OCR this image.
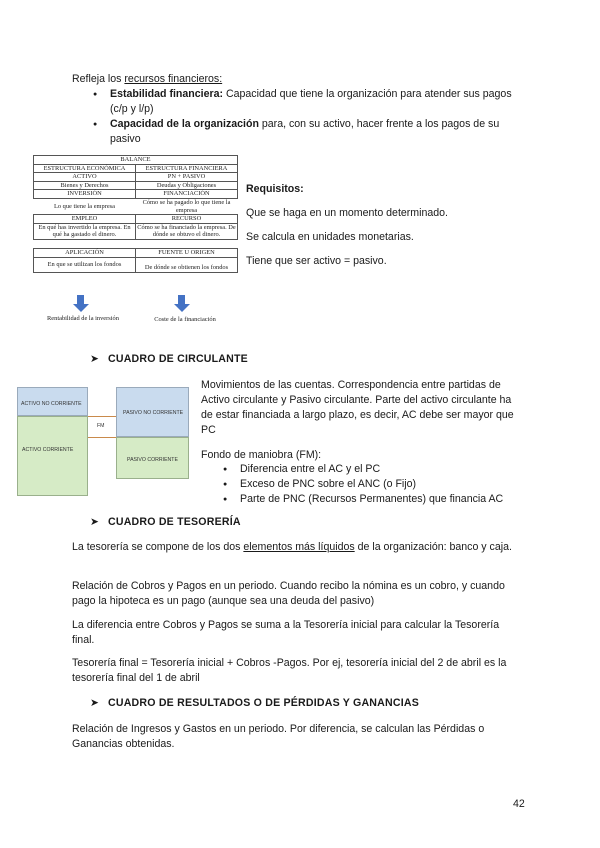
Refleja los recursos financieros:
● Estabilidad financiera: Capacidad que tiene la organización para atender sus pagos (c/p y l/p)
● Capacidad de la organización para, con su activo, hacer frente a los pagos de su pasivo
BALANCE	
ESTRUCTURA ECONÓMICA	ESTRUCTURA FINANCIERA
ACTIVO	PN + PASIVO
Bienes y Derechos	Deudas y Obligaciones
INVERSIÓN	FINANCIACIÓN
Lo que tiene la empresa	Cómo se ha pagado lo que tiene la empresa
EMPLEO	RECURSO
En qué has invertido la empresa. En qué ha gastado el dinero.	Cómo se ha financiado la empresa. De dónde se obtuvo el dinero.

APLICACIÓN	FUENTE U ORIGEN
En que se utilizan los fondos	De dónde se obtienen los fondos
Rentabilidad de la inversión	Coste de la financiación
Requisitos:
Que se haga en un momento determinado.
Se calcula en unidades monetarias.
Tiene que ser activo = pasivo.
➤ CUADRO DE CIRCULANTE
ACTIVO NO CORRIENTE
ACTIVO CORRIENTE
PASIVO NO CORRIENTE
PASIVO CORRIENTE
FM
Movimientos de las cuentas. Correspondencia entre partidas de Activo circulante y Pasivo circulante. Parte del activo circulante ha de estar financiada a largo plazo, es decir, AC debe ser mayor que PC
Fondo de maniobra (FM):
● Diferencia entre el AC y el PC
● Exceso de PNC sobre el ANC (o Fijo)
● Parte de PNC (Recursos Permanentes) que financia AC
➤ CUADRO DE TESORERÍA
La tesorería se compone de los dos elementos más líquidos de la organización: banco y caja.
Relación de Cobros y Pagos en un periodo. Cuando recibo la nómina es un cobro, y cuando pago la hipoteca es un pago (aunque sea una deuda del pasivo)
La diferencia entre Cobros y Pagos se suma a la Tesorería inicial para calcular la Tesorería final.
Tesorería final = Tesorería inicial + Cobros -Pagos. Por ej, tesorería inicial del 2 de abril es la tesorería final del 1 de abril
➤ CUADRO DE RESULTADOS O DE PÉRDIDAS Y GANANCIAS
Relación de Ingresos y Gastos en un periodo. Por diferencia, se calculan las Pérdidas o Ganancias obtenidas.
42
